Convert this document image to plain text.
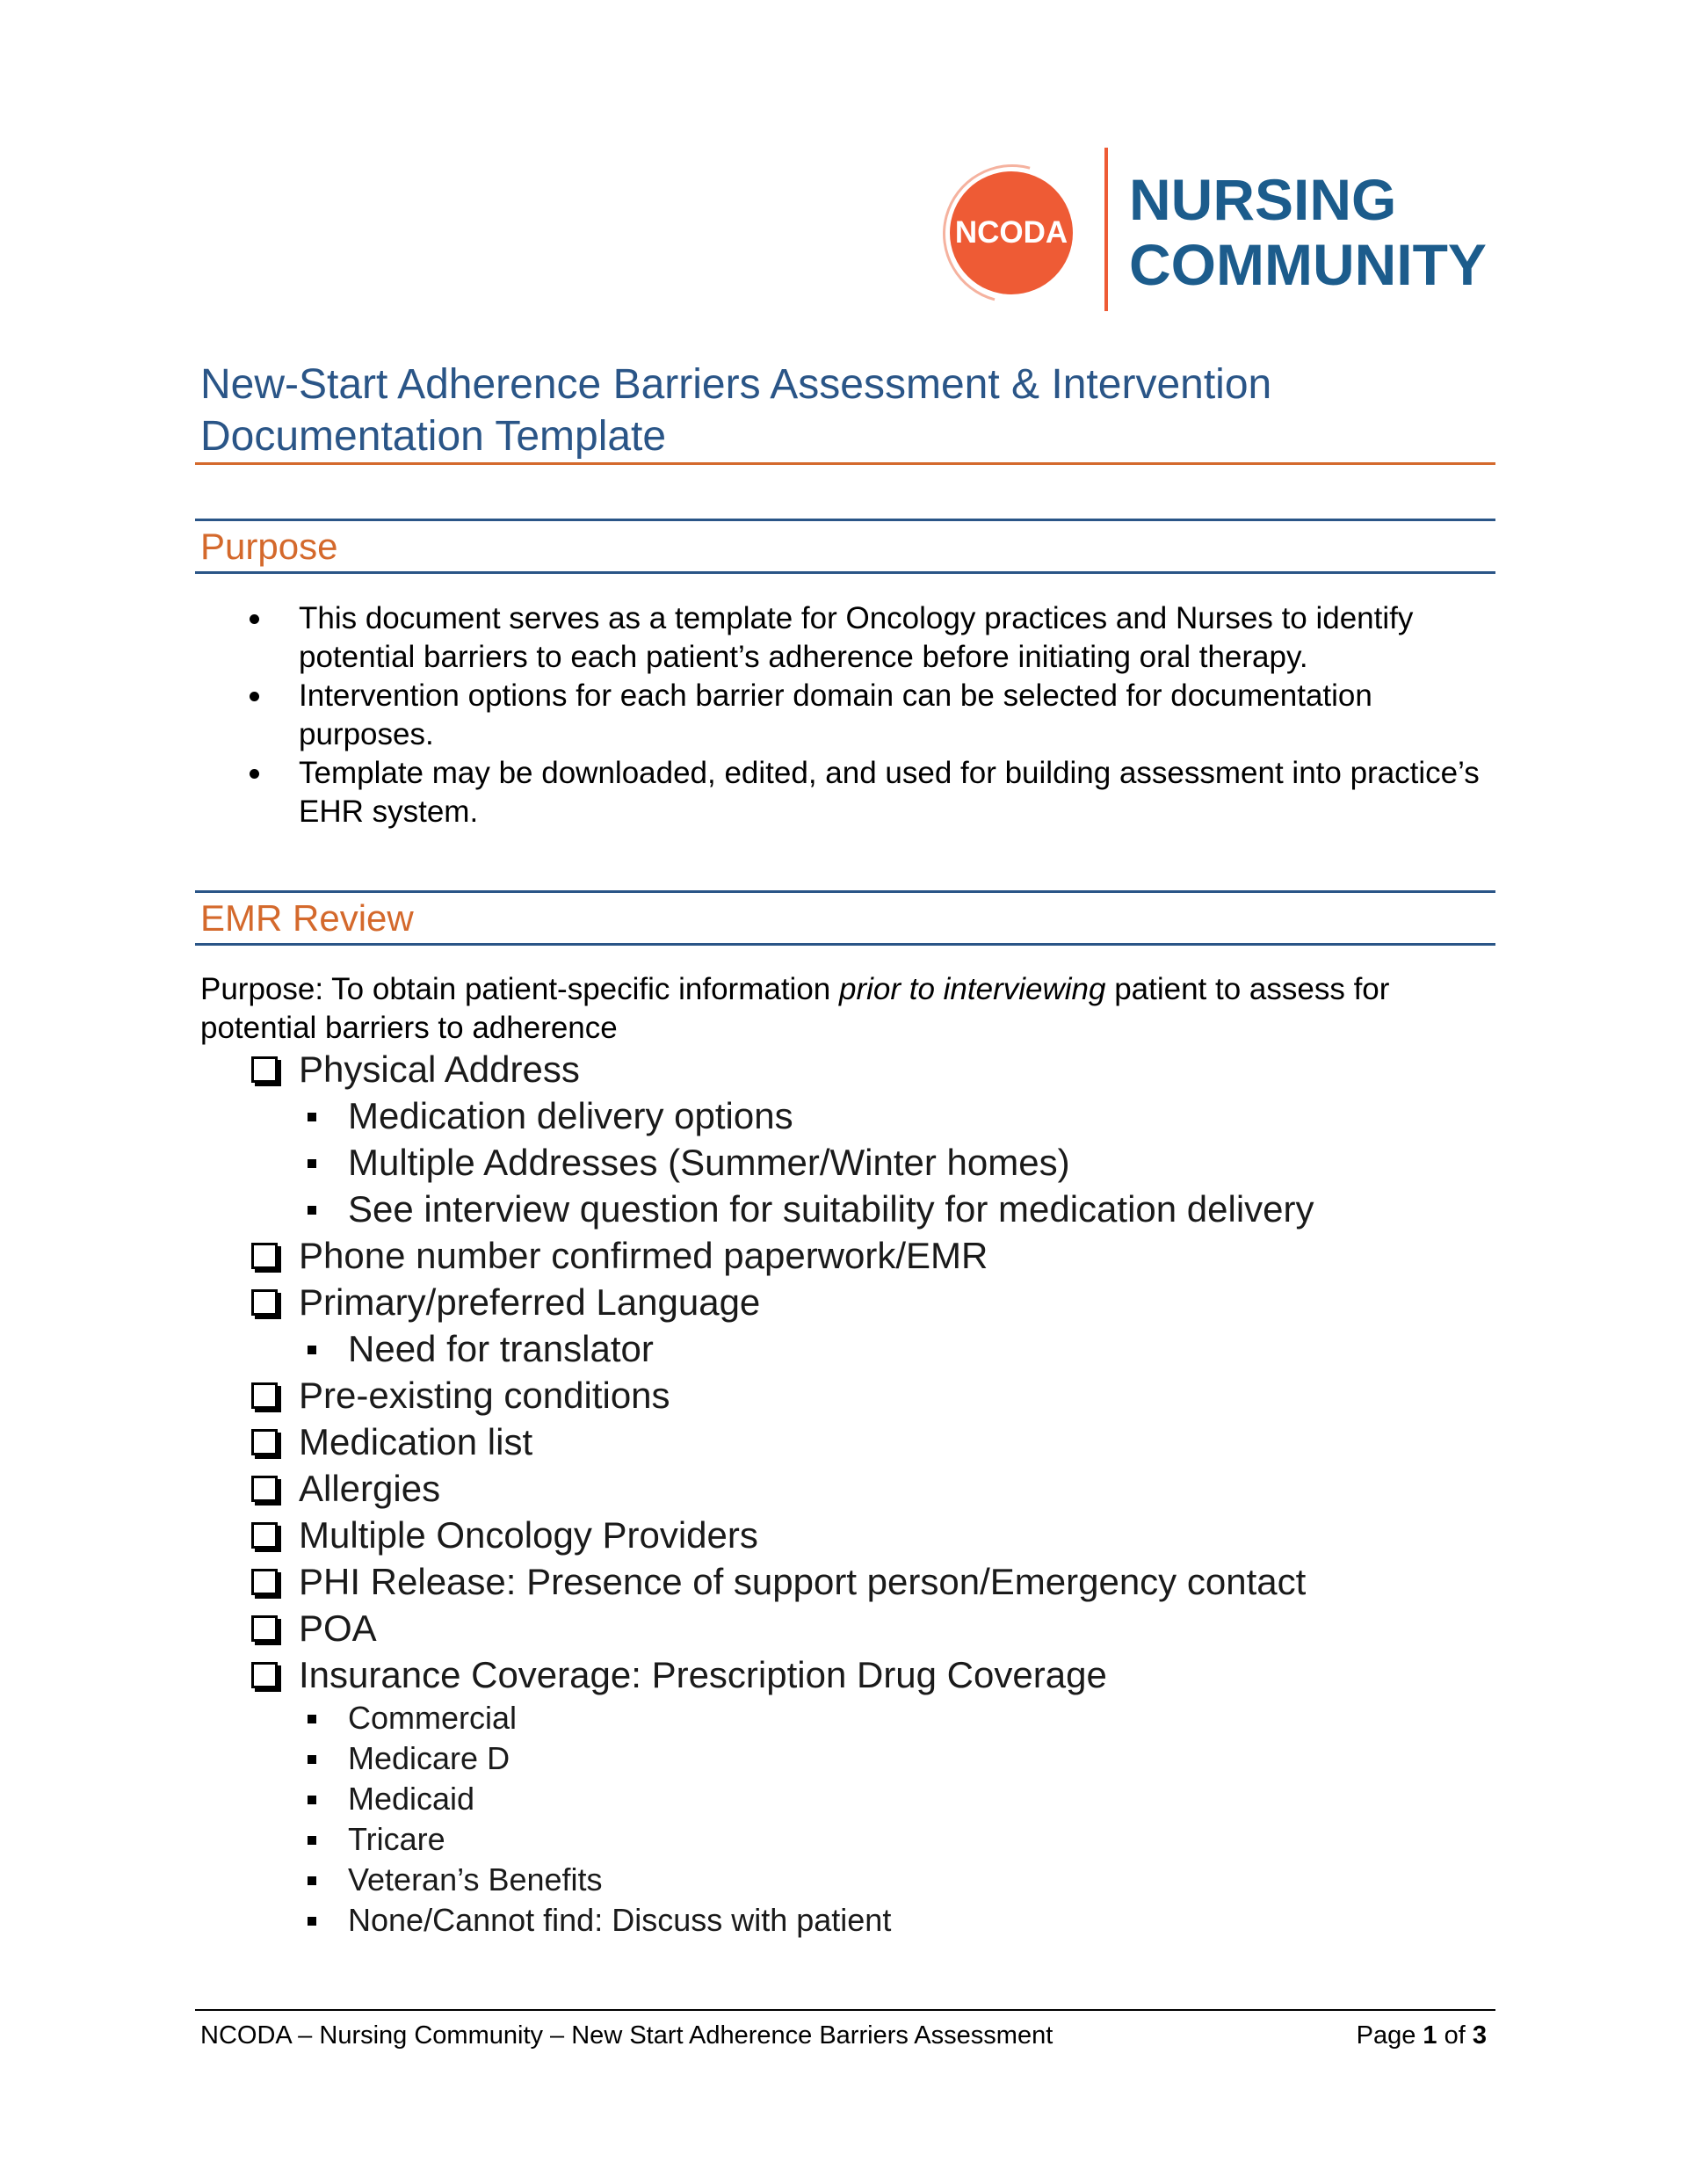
NCODA
NURSING
COMMUNITY
New-Start Adherence Barriers Assessment & Intervention
Documentation Template
Purpose
This document serves as a template for Oncology practices and Nurses to identify potential barriers to each patient’s adherence before initiating oral therapy.
Intervention options for each barrier domain can be selected for documentation purposes.
Template may be downloaded, edited, and used for building assessment into practice’s EHR system.
EMR Review
Purpose: To obtain patient-specific information prior to interviewing patient to assess for potential barriers to adherence
Physical Address
Medication delivery options
Multiple Addresses (Summer/Winter homes)
See interview question for suitability for medication delivery
Phone number confirmed paperwork/EMR
Primary/preferred Language
Need for translator
Pre-existing conditions
Medication list
Allergies
Multiple Oncology Providers
PHI Release: Presence of support person/Emergency contact
POA
Insurance Coverage: Prescription Drug Coverage
Commercial
Medicare D
Medicaid
Tricare
Veteran’s Benefits
None/Cannot find: Discuss with patient
NCODA – Nursing Community – New Start Adherence Barriers Assessment	Page 1 of 3
